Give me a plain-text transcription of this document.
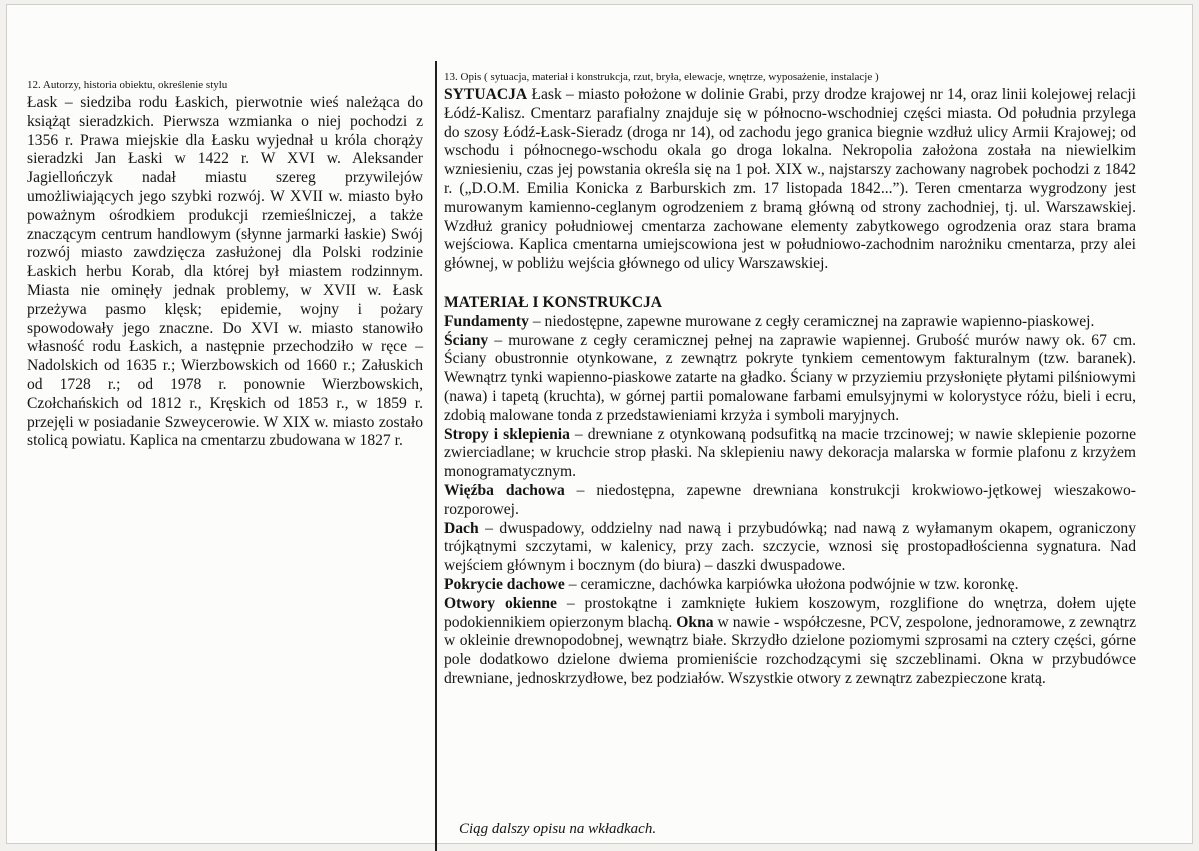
12. Autorzy, historia obiektu, określenie stylu

Łask – siedziba rodu Łaskich, pierwotnie wieś należąca do książąt sieradzkich. Pierwsza wzmianka o niej pochodzi z 1356 r. Prawa miejskie dla Łasku wyjednał u króla chorąży sieradzki Jan Łaski w 1422 r. W XVI w. Aleksander Jagiellończyk nadał miastu szereg przywilejów umożliwiających jego szybki rozwój. W XVII w. miasto było poważnym ośrodkiem produkcji rzemieślniczej, a także znaczącym centrum handlowym (słynne jarmarki łaskie) Swój rozwój miasto zawdzięcza zasłużonej dla Polski rodzinie Łaskich herbu Korab, dla której był miastem rodzinnym. Miasta nie ominęły jednak problemy, w XVII w. Łask przeżywa pasmo klęsk; epidemie, wojny i pożary spowodowały jego znaczne. Do XVI w. miasto stanowiło własność rodu Łaskich, a następnie przechodziło w ręce – Nadolskich od 1635 r.; Wierzbowskich od 1660 r.; Załuskich od 1728 r.; od 1978 r. ponownie Wierzbowskich, Czołchańskich od 1812 r., Kręskich od 1853 r., w 1859 r. przejęli w posiadanie Szweycerowie. W XIX w. miasto zostało stolicą powiatu. Kaplica na cmentarzu zbudowana w 1827 r.

13. Opis ( sytuacja, materiał i konstrukcja, rzut, bryła, elewacje, wnętrze, wyposażenie, instalacje )

SYTUACJA Łask – miasto położone w dolinie Grabi, przy drodze krajowej nr 14, oraz linii kolejowej relacji Łódź-Kalisz. Cmentarz parafialny znajduje się w północno-wschodniej części miasta. Od południa przylega do szosy Łódź-Łask-Sieradz (droga nr 14), od zachodu jego granica biegnie wzdłuż ulicy Armii Krajowej; od wschodu i północnego-wschodu okala go droga lokalna. Nekropolia założona została na niewielkim wzniesieniu, czas jej powstania określa się na 1 poł. XIX w., najstarszy zachowany nagrobek pochodzi z 1842 r. („D.O.M. Emilia Konicka z Barburskich zm. 17 listopada 1842...”). Teren cmentarza wygrodzony jest murowanym kamienno-ceglanym ogrodzeniem z bramą główną od strony zachodniej, tj. ul. Warszawskiej. Wzdłuż granicy południowej cmentarza zachowane elementy zabytkowego ogrodzenia oraz stara brama wejściowa. Kaplica cmentarna umiejscowiona jest w południowo-zachodnim narożniku cmentarza, przy alei głównej, w pobliżu wejścia głównego od ulicy Warszawskiej.

MATERIAŁ I KONSTRUKCJA

Fundamenty – niedostępne, zapewne murowane z cegły ceramicznej na zaprawie wapienno-piaskowej.

Ściany – murowane z cegły ceramicznej pełnej na zaprawie wapiennej. Grubość murów nawy ok. 67 cm. Ściany obustronnie otynkowane, z zewnątrz pokryte tynkiem cementowym fakturalnym (tzw. baranek). Wewnątrz tynki wapienno-piaskowe zatarte na gładko. Ściany w przyziemiu przysłonięte płytami pilśniowymi (nawa) i tapetą (kruchta), w górnej partii pomalowane farbami emulsyjnymi w kolorystyce różu, bieli i ecru, zdobią malowane tonda z przedstawieniami krzyża i symboli maryjnych.

Stropy i sklepienia – drewniane z otynkowaną podsufitką na macie trzcinowej; w nawie sklepienie pozorne zwierciadlane; w kruchcie strop płaski. Na sklepieniu nawy dekoracja malarska w formie plafonu z krzyżem monogramatycznym.

Więźba dachowa – niedostępna, zapewne drewniana konstrukcji krokwiowo-jętkowej wieszakowo-rozporowej.

Dach – dwuspadowy, oddzielny nad nawą i przybudówką; nad nawą z wyłamanym okapem, ograniczony trójkątnymi szczytami, w kalenicy, przy zach. szczycie, wznosi się prostopadłościenna sygnatura. Nad wejściem głównym i bocznym (do biura) – daszki dwuspadowe.

Pokrycie dachowe – ceramiczne, dachówka karpiówka ułożona podwójnie w tzw. koronkę.

Otwory okienne – prostokątne i zamknięte łukiem koszowym, rozglifione do wnętrza, dołem ujęte podokiennikiem opierzonym blachą. Okna w nawie - współczesne, PCV, zespolone, jednoramowe, z zewnątrz w okleinie drewnopodobnej, wewnątrz białe. Skrzydło dzielone poziomymi szprosami na cztery części, górne pole dodatkowo dzielone dwiema promieniście rozchodzącymi się szczeblinami. Okna w przybudówce drewniane, jednoskrzydłowe, bez podziałów. Wszystkie otwory z zewnątrz zabezpieczone kratą.

Ciąg dalszy opisu na wkładkach.
